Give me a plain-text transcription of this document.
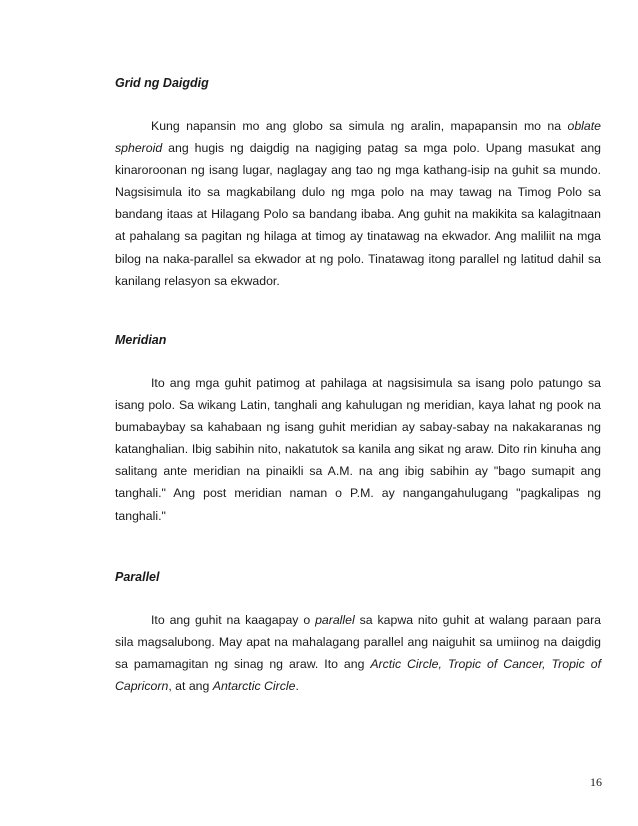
Grid ng Daigdig

Kung napansin mo ang globo sa simula ng aralin, mapapansin mo na oblate spheroid ang hugis ng daigdig na nagiging patag sa mga polo. Upang masukat ang kinaroroonan ng isang lugar, naglagay ang tao ng mga kathang-isip na guhit sa mundo. Nagsisimula ito sa magkabilang dulo ng mga polo na may tawag na Timog Polo sa bandang itaas at Hilagang Polo sa bandang ibaba. Ang guhit na makikita sa kalagitnaan at pahalang sa pagitan ng hilaga at timog ay tinatawag na ekwador. Ang maliliit na mga bilog na naka-parallel sa ekwador at ng polo. Tinatawag itong parallel ng latitud dahil sa kanilang relasyon sa ekwador.

Meridian

Ito ang mga guhit patimog at pahilaga at nagsisimula sa isang polo patungo sa isang polo. Sa wikang Latin, tanghali ang kahulugan ng meridian, kaya lahat ng pook na bumabaybay sa kahabaan ng isang guhit meridian ay sabay-sabay na nakakaranas ng katanghalian. Ibig sabihin nito, nakatutok sa kanila ang sikat ng araw. Dito rin kinuha ang salitang ante meridian na pinaikli sa A.M. na ang ibig sabihin ay "bago sumapit ang tanghali." Ang post meridian naman o P.M. ay nangangahulugang "pagkalipas ng tanghali."

Parallel

Ito ang guhit na kaagapay o parallel sa kapwa nito guhit at walang paraan para sila magsalubong. May apat na mahalagang parallel ang naiguhit sa umiinog na daigdig sa pamamagitan ng sinag ng araw. Ito ang Arctic Circle, Tropic of Cancer, Tropic of Capricorn, at ang Antarctic Circle.

16
